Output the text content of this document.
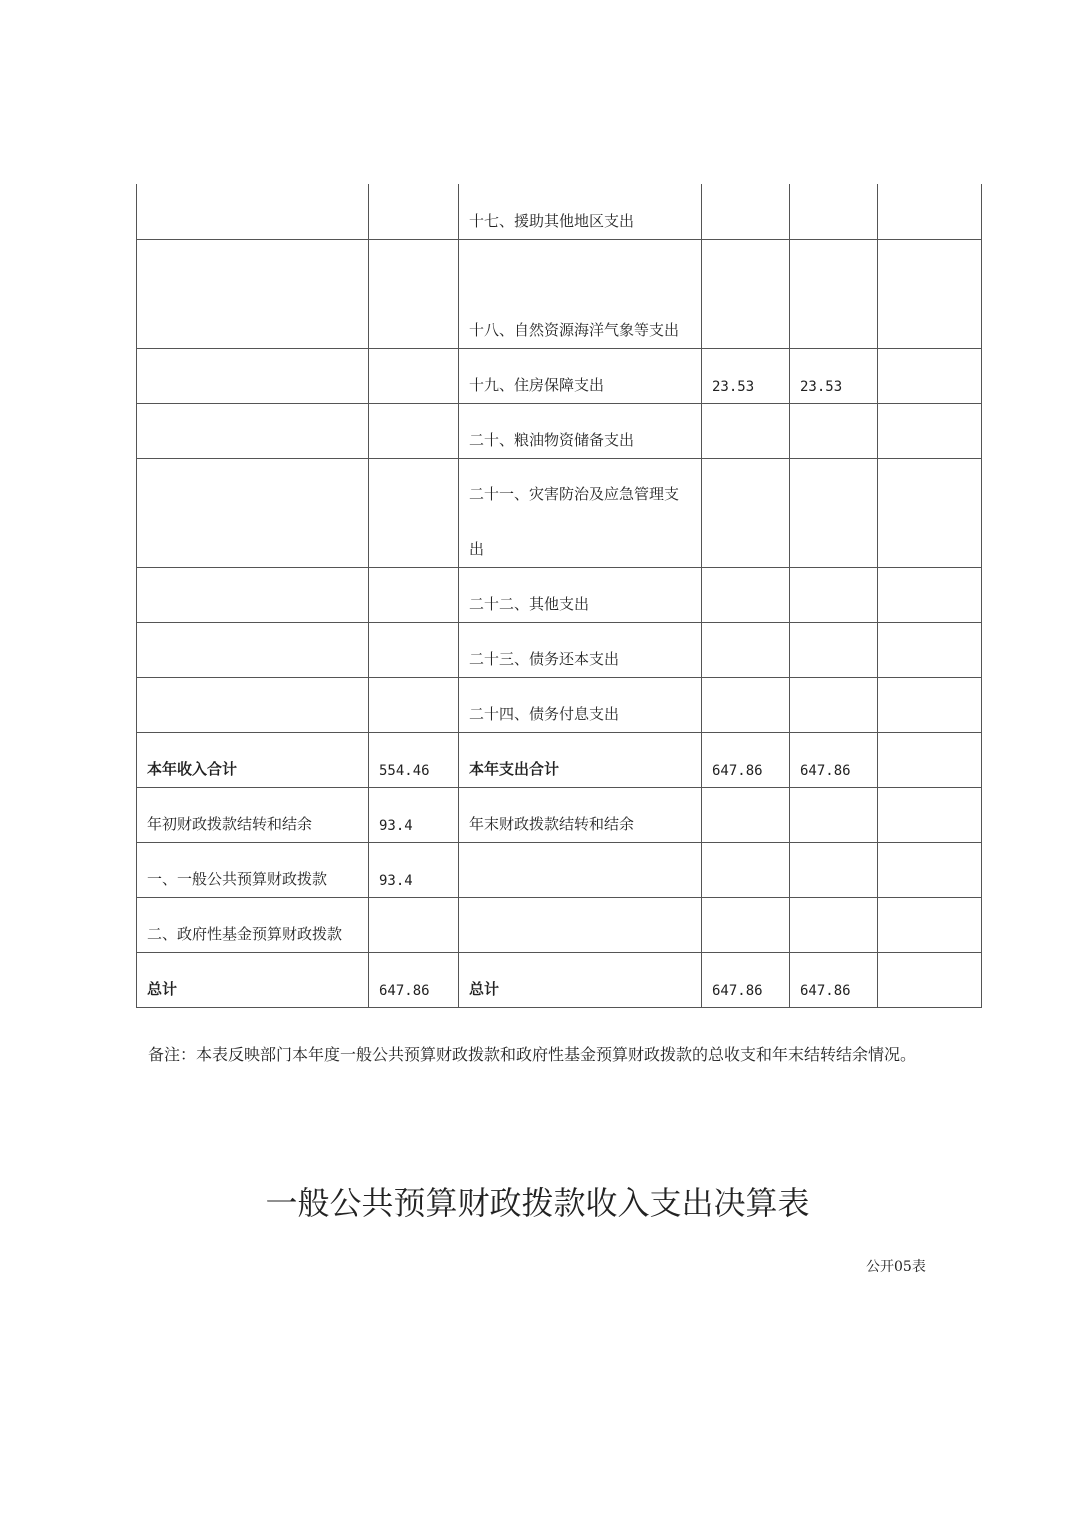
		十七、援助其他地区支出			

		十八、自然资源海洋气象等支出			

		十九、住房保障支出	23.53	23.53	
		二十、粮油物资储备支出			

		二十一、灾害防治及应急管理支出			

		二十二、其他支出			
		二十三、债务还本支出			
		二十四、债务付息支出			
本年收入合计	554.46	本年支出合计	647.86	647.86	
年初财政拨款结转和结余	93.4	年末财政拨款结转和结余			
一、一般公共预算财政拨款	93.4				
二、政府性基金预算财政拨款					
总计	647.86	总计	647.86	647.86	
备注：本表反映部门本年度一般公共预算财政拨款和政府性基金预算财政拨款的总收支和年末结转结余情况。
一般公共预算财政拨款收入支出决算表
公开05表
